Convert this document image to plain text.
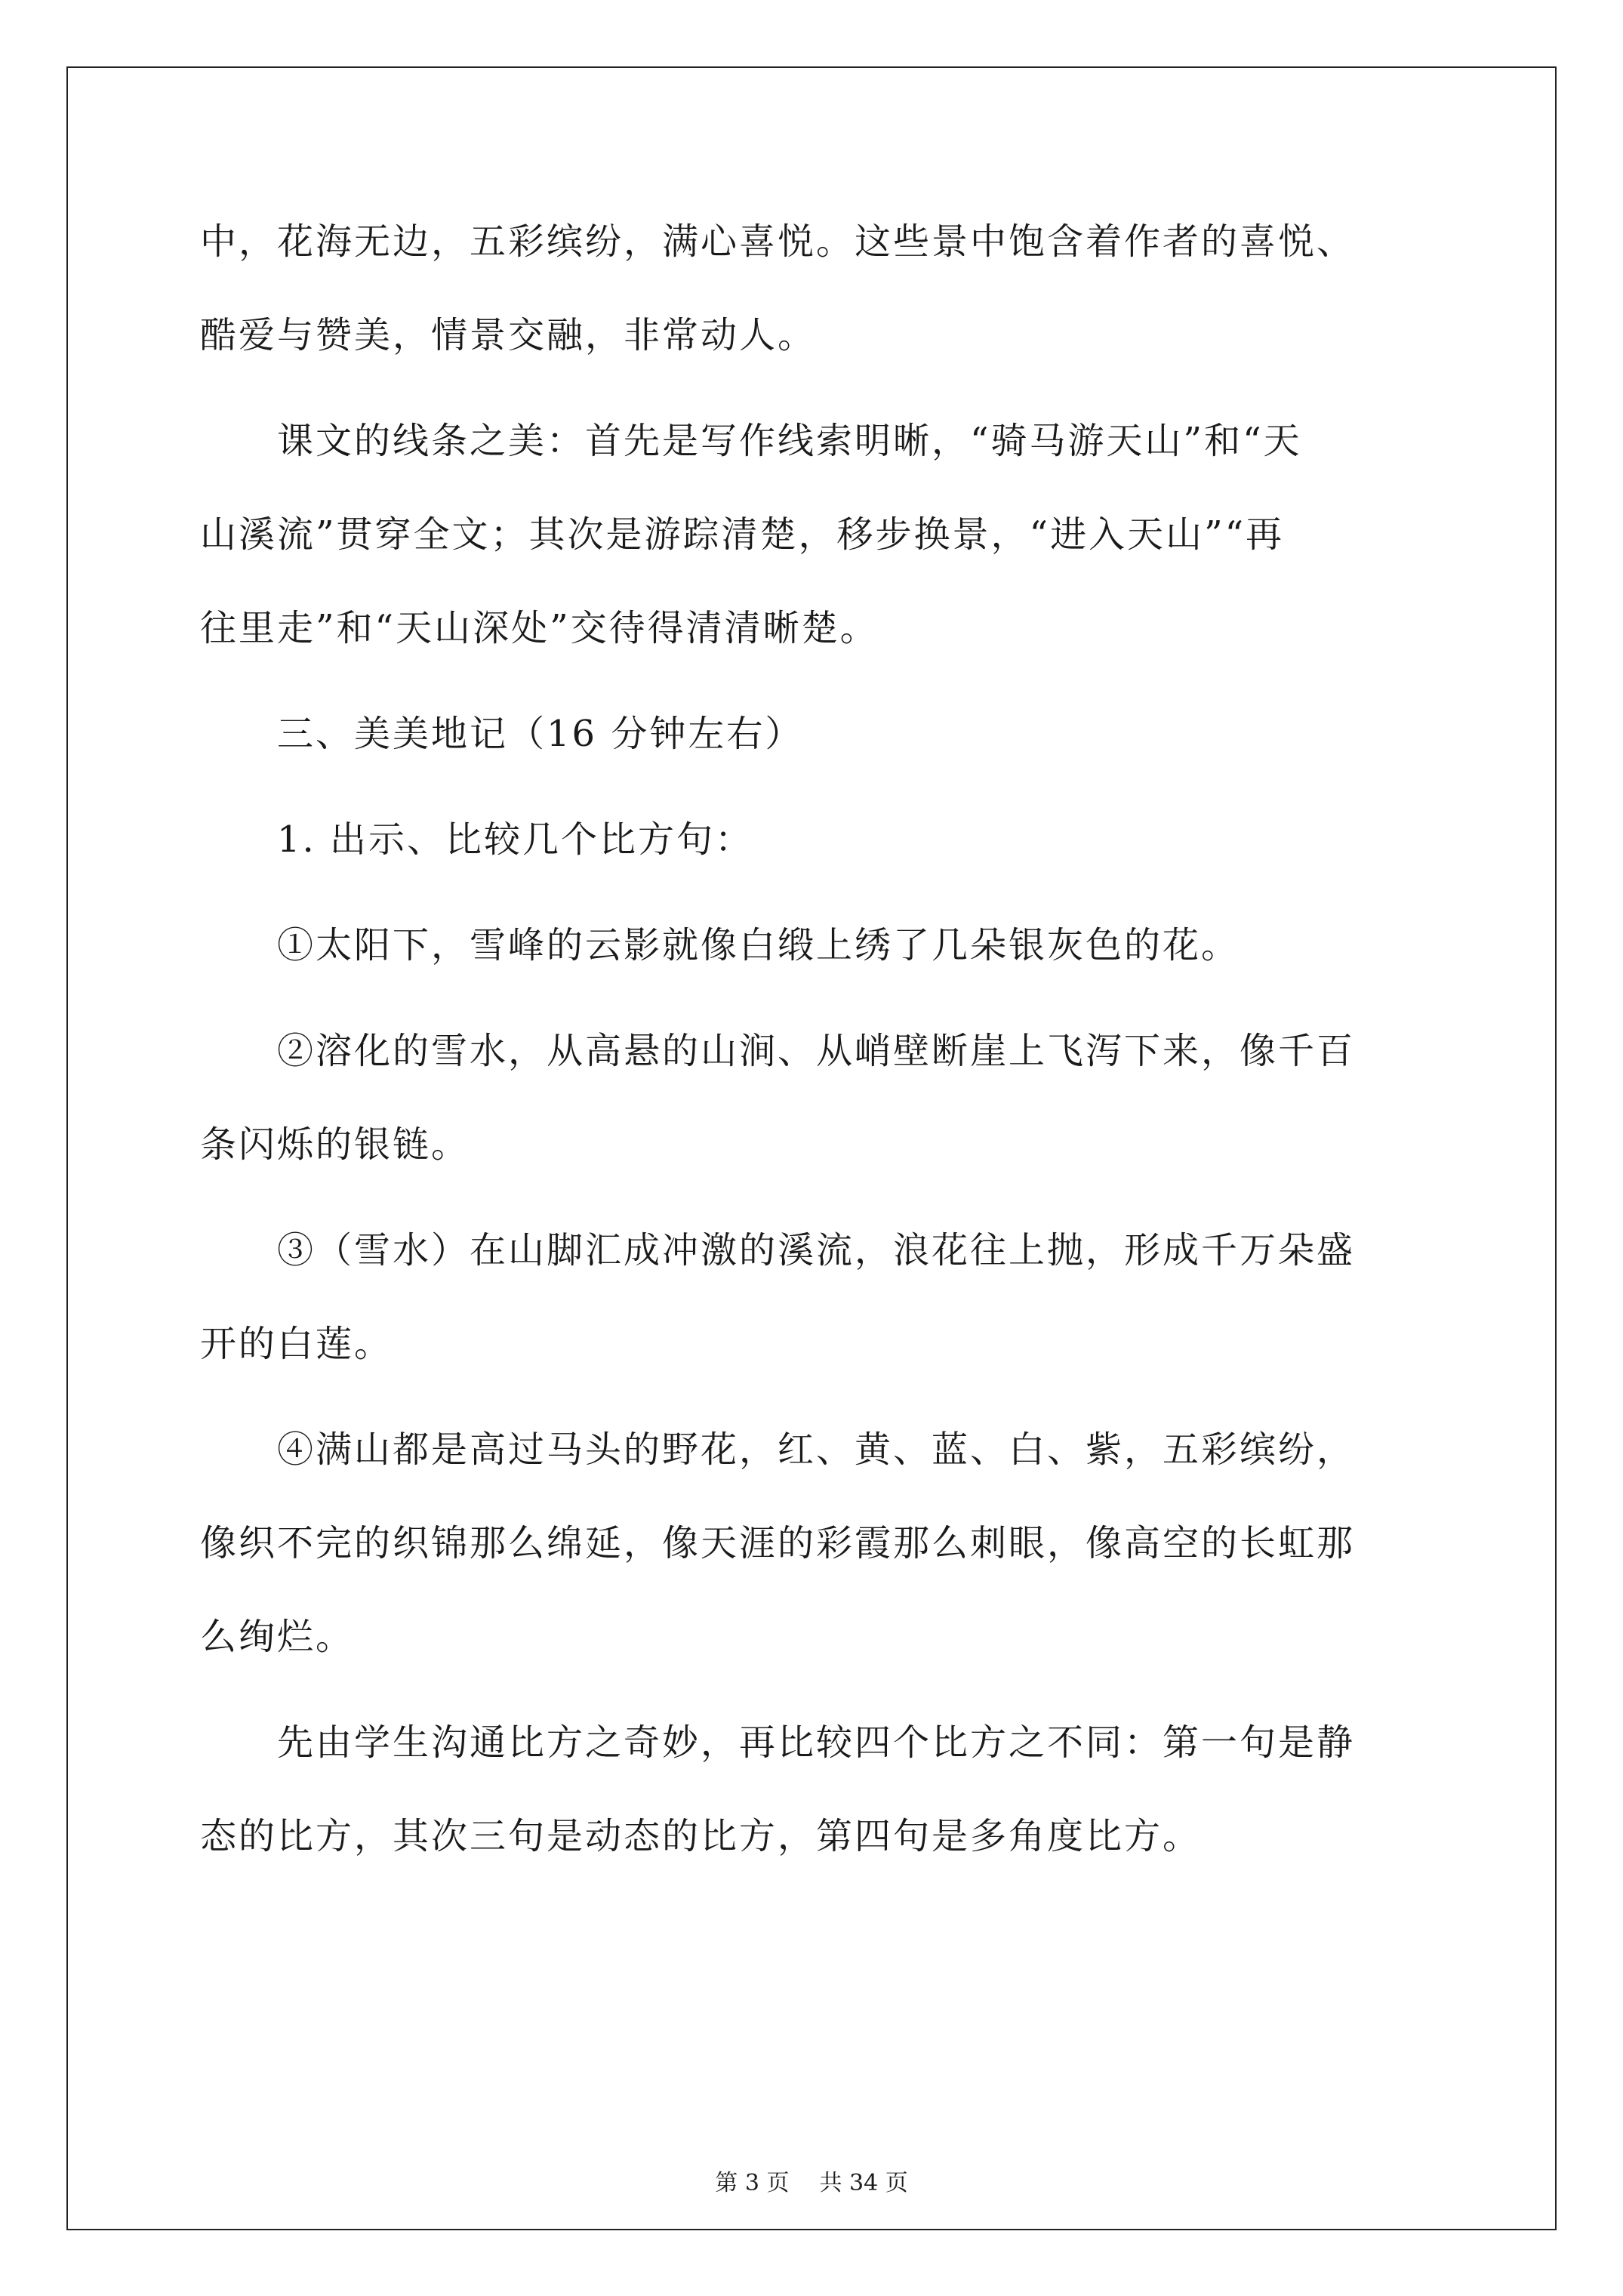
中，花海无边，五彩缤纷，满心喜悦。这些景中饱含着作者的喜悦、
酷爱与赞美，情景交融，非常动人。
　　课文的线条之美：首先是写作线索明晰，“骑马游天山”和“天
山溪流”贯穿全文；其次是游踪清楚，移步换景，“进入天山”“再
往里走”和“天山深处”交待得清清晰楚。
　　三、美美地记（16 分钟左右）
　　1. 出示、比较几个比方句：
　　①太阳下，雪峰的云影就像白缎上绣了几朵银灰色的花。
　　②溶化的雪水，从高悬的山涧、从峭壁断崖上飞泻下来，像千百
条闪烁的银链。
　　③（雪水）在山脚汇成冲激的溪流，浪花往上抛，形成千万朵盛
开的白莲。
　　④满山都是高过马头的野花，红、黄、蓝、白、紫，五彩缤纷，
像织不完的织锦那么绵延，像天涯的彩霞那么刺眼，像高空的长虹那
么绚烂。
　　先由学生沟通比方之奇妙，再比较四个比方之不同：第一句是静
态的比方，其次三句是动态的比方，第四句是多角度比方。
第 3 页 共 34 页
